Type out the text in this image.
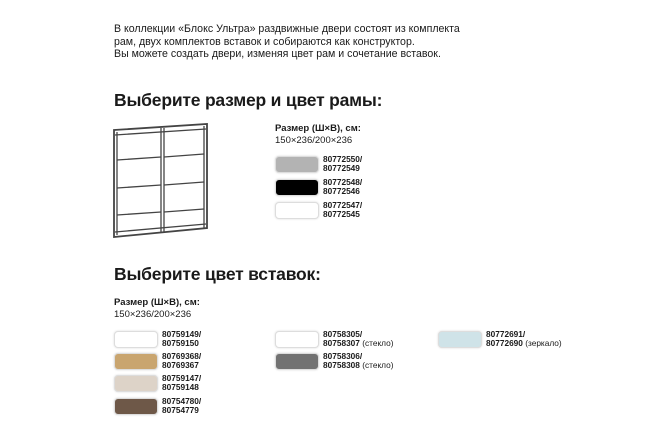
В коллекции «Блокс Ультра» раздвижные двери состоят из комплекта
рам, двух комплектов вставок и собираются как конструктор.
Вы можете создать двери, изменяя цвет рам и сочетание вставок.
Выберите размер и цвет рамы:
Размер (Ш×В), см:
150×236/200×236
80772550/
80772549
80772548/
80772546
80772547/
80772545
Выберите цвет вставок:
Размер (Ш×В), см:
150×236/200×236
80759149/
80759150
80769368/
80769367
80759147/
80759148
80754780/
80754779
80758305/
80758307 (стекло)
80758306/
80758308 (стекло)
80772691/
80772690 (зеркало)
